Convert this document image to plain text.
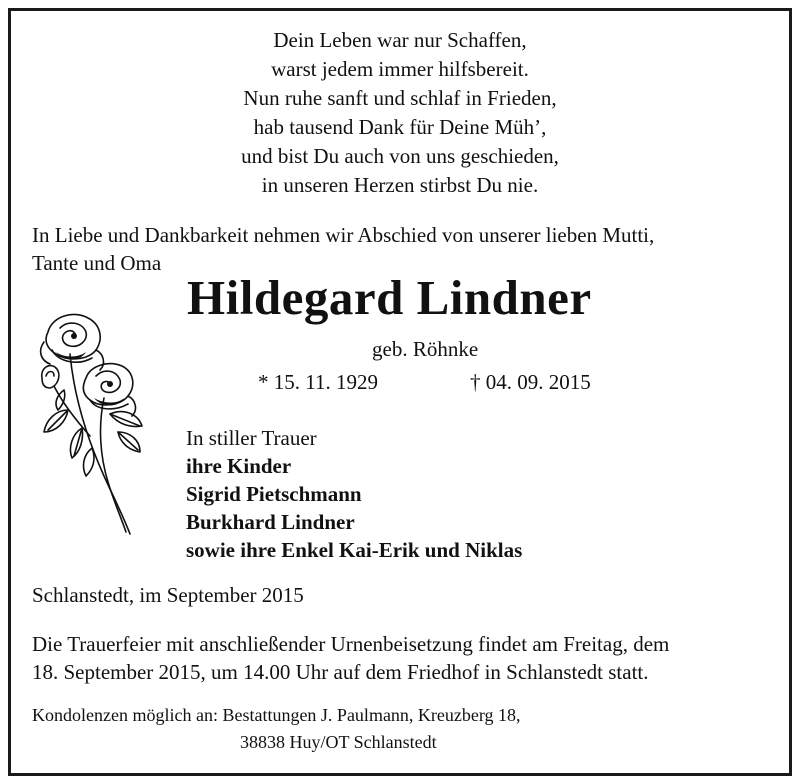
Dein Leben war nur Schaffen,
warst jedem immer hilfsbereit.
Nun ruhe sanft und schlaf in Frieden,
hab tausend Dank für Deine Müh’,
und bist Du auch von uns geschieden,
in unseren Herzen stirbst Du nie.
In Liebe und Dankbarkeit nehmen wir Abschied von unserer lieben Mutti,
Tante und Oma
Hildegard Lindner
geb. Röhnke
* 15. 11. 1929	† 04. 09. 2015
In stiller Trauer
ihre Kinder
Sigrid Pietschmann
Burkhard Lindner
sowie ihre Enkel Kai-Erik und Niklas
Schlanstedt, im September 2015
Die Trauerfeier mit anschließender Urnenbeisetzung findet am Freitag, dem
18. September 2015, um 14.00 Uhr auf dem Friedhof in Schlanstedt statt.
Kondolenzen möglich an: Bestattungen J. Paulmann, Kreuzberg 18,
38838 Huy/OT Schlanstedt
